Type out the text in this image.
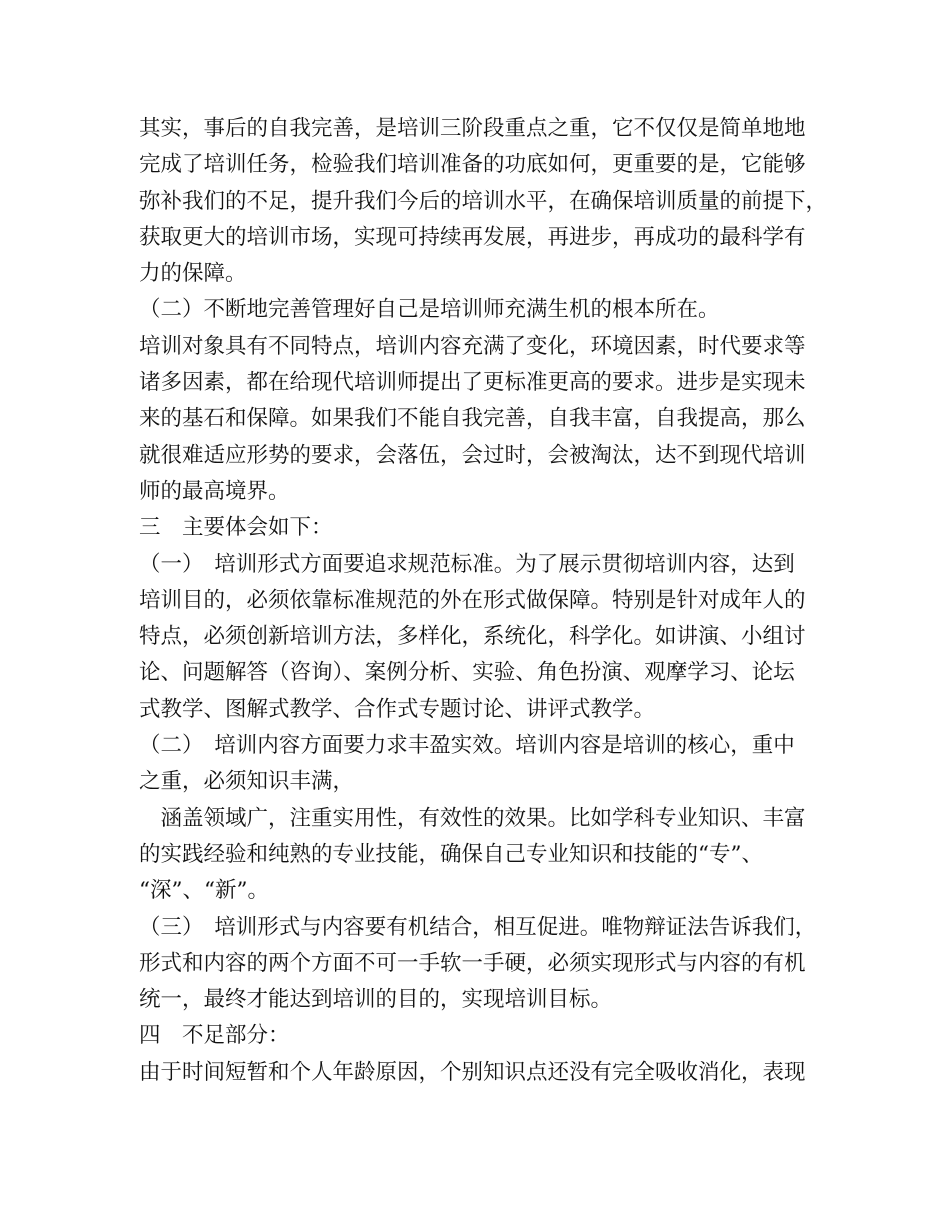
其实，事后的自我完善，是培训三阶段重点之重，它不仅仅是简单地地
完成了培训任务，检验我们培训准备的功底如何，更重要的是，它能够
弥补我们的不足，提升我们今后的培训水平，在确保培训质量的前提下，
获取更大的培训市场，实现可持续再发展，再进步，再成功的最科学有
力的保障。
（二）不断地完善管理好自己是培训师充满生机的根本所在。
培训对象具有不同特点，培训内容充满了变化，环境因素，时代要求等
诸多因素，都在给现代培训师提出了更标准更高的要求。进步是实现未
来的基石和保障。如果我们不能自我完善，自我丰富，自我提高，那么
就很难适应形势的要求，会落伍，会过时，会被淘汰，达不到现代培训
师的最高境界。
三　主要体会如下：
（一）　培训形式方面要追求规范标准。为了展示贯彻培训内容，达到
培训目的，必须依靠标准规范的外在形式做保障。特别是针对成年人的
特点，必须创新培训方法，多样化，系统化，科学化。如讲演、小组讨
论、问题解答（咨询）、案例分析、实验、角色扮演、观摩学习、论坛
式教学、图解式教学、合作式专题讨论、讲评式教学。
（二）　培训内容方面要力求丰盈实效。培训内容是培训的核心，重中
之重，必须知识丰满，
　涵盖领域广，注重实用性，有效性的效果。比如学科专业知识、丰富
的实践经验和纯熟的专业技能，确保自己专业知识和技能的“专”、
“深”、“新”。
（三）　培训形式与内容要有机结合，相互促进。唯物辩证法告诉我们，
形式和内容的两个方面不可一手软一手硬，必须实现形式与内容的有机
统一，最终才能达到培训的目的，实现培训目标。
四　不足部分：
由于时间短暂和个人年龄原因，个别知识点还没有完全吸收消化，表现
